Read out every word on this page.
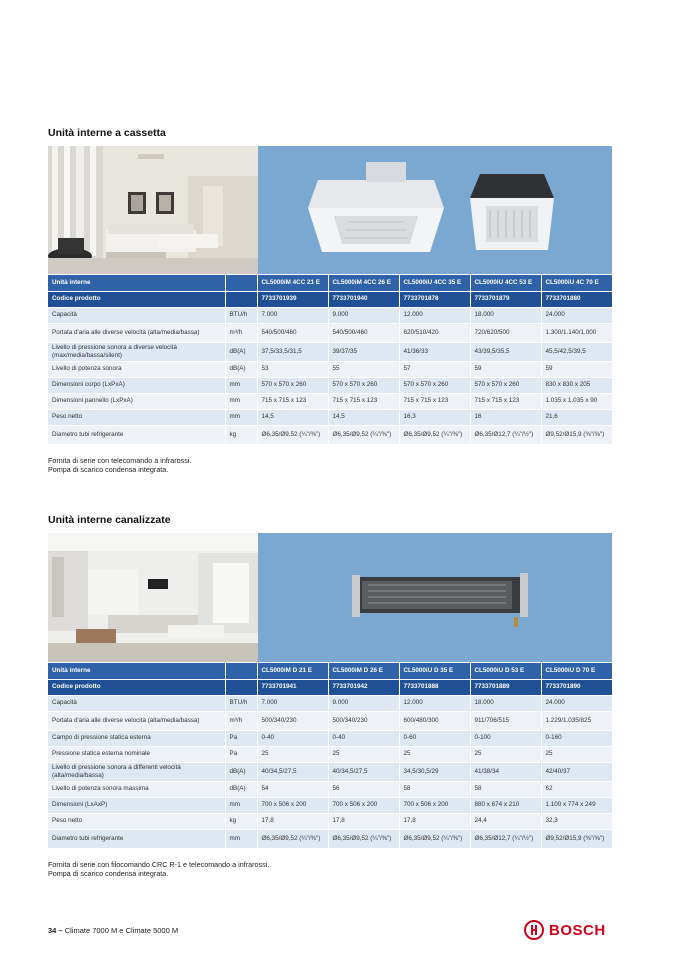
Unità interne a cassetta
Unità interne		CL5000iM 4CC 21 E	CL5000iM 4CC 26 E	CL5000iU 4CC 35 E	CL5000iU 4CC 53 E	CL5000iU 4C 70 E
Codice prodotto		7733701939	7733701940	7733701878	7733701879	7733701880
Capacità	BTU/h	7.000	9.000	12.000	18.000	24.000
Portata d'aria alle diverse velocità (alta/media/bassa)	m³/h	540/500/460	540/500/460	620/510/420	720/620/500	1.300/1.140/1.000
Livello di pressione sonora a diverse velocità (max/media/bassa/silent)	dB(A)	37,5/33,5/31,5	39/37/35	41/36/33	43/39,5/35,5	45,5/42,5/39,5
Livello di potenza sonora	dB(A)	53	55	57	59	59
Dimensioni corpo (LxPxA)	mm	570 x 570 x 260	570 x 570 x 260	570 x 570 x 260	570 x 570 x 260	830 x 830 x 205
Dimensioni pannello (LxPxA)	mm	715 x 715 x 123	715 x 715 x 123	715 x 715 x 123	715 x 715 x 123	1.035 x 1.035 x 90
Peso netto	mm	14,5	14,5	16,3	16	21,6
Diametro tubi refrigerante	kg	Ø6,35/Ø9,52 (¼"/⅜")	Ø6,35/Ø9,52 (¼"/⅜")	Ø6,35/Ø9,52 (¼"/⅜")	Ø6,35/Ø12,7 (¼"/½")	Ø9,52/Ø15,9 (⅜"/⅝")
Fornita di serie con telecomando a infrarossi.
Pompa di scarico condensa integrata.
Unità interne canalizzate
Unità interne		CL5000iM D 21 E	CL5000iM D 26 E	CL5000iU D 35 E	CL5000iU D 53 E	CL5000iU D 70 E
Codice prodotto		7733701941	7733701942	7733701888	7733701889	7733701890
Capacità	BTU/h	7.000	9.000	12.000	18.000	24.000
Portata d'aria alle diverse velocità (alta/media/bassa)	m³/h	500/340/230	500/340/230	600/480/300	911/706/515	1.229/1.035/825
Campo di pressione statica esterna	Pa	0-40	0-40	0-60	0-100	0-160
Pressione statica esterna nominale	Pa	25	25	25	25	25
Livello di pressione sonora a differenti velocità (alta/media/bassa)	dB(A)	40/34,5/27,5	40/34,5/27,5	34,5/30,5/29	41/38/34	42/40/37
Livello di potenza sonora massima	dB(A)	54	56	58	58	62
Dimensioni (LxAxP)	mm	700 x 506 x 200	700 x 506 x 200	700 x 506 x 200	880 x 674 x 210	1.100 x 774 x 249
Peso netto	kg	17,8	17,8	17,8	24,4	32,3
Diametro tubi refrigerante	mm	Ø6,35/Ø9,52 (¼"/⅜")	Ø6,35/Ø9,52 (¼"/⅜")	Ø6,35/Ø9,52 (¼"/⅜")	Ø6,35/Ø12,7 (¼"/½")	Ø9,52/Ø15,9 (⅜"/⅝")
Fornita di serie con filocomando CRC R-1 e telecomando a infrarossi.
Pompa di scarico condensa integrata.
34 – Climate 7000 M e Climate 5000 M	BOSCH
